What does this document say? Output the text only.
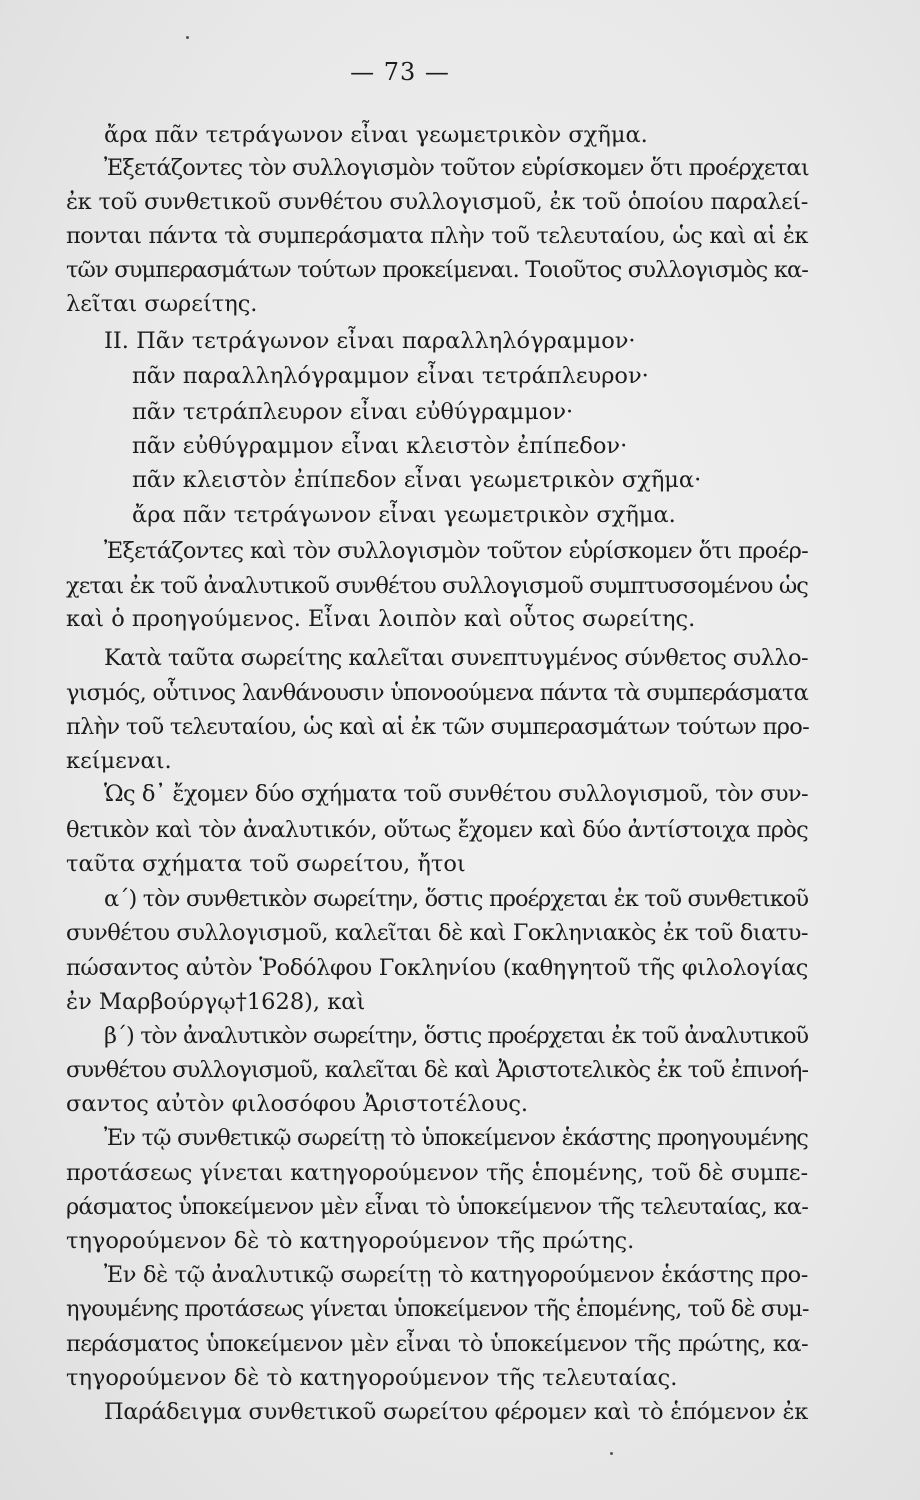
— 73 —
ἄρα πᾶν τετράγωνον εἶναι γεωμετρικὸν σχῆμα.
Ἐξετάζοντες τὸν συλλογισμὸν τοῦτον εὑρίσκομεν ὅτι προέρχεται
ἐκ τοῦ συνθετικοῦ συνθέτου συλλογισμοῦ, ἐκ τοῦ ὁποίου παραλεί-
πονται πάντα τὰ συμπεράσματα πλὴν τοῦ τελευταίου, ὡς καὶ αἱ ἐκ
τῶν συμπερασμάτων τούτων προκείμεναι. Τοιοῦτος συλλογισμὸς κα-
λεῖται σωρείτης.
ΙΙ. Πᾶν τετράγωνον εἶναι παραλληλόγραμμον·
πᾶν παραλληλόγραμμον εἶναι τετράπλευρον·
πᾶν τετράπλευρον εἶναι εὐθύγραμμον·
πᾶν εὐθύγραμμον εἶναι κλειστὸν ἐπίπεδον·
πᾶν κλειστὸν ἐπίπεδον εἶναι γεωμετρικὸν σχῆμα·
ἄρα πᾶν τετράγωνον εἶναι γεωμετρικὸν σχῆμα.
Ἐξετάζοντες καὶ τὸν συλλογισμὸν τοῦτον εὑρίσκομεν ὅτι προέρ-
χεται ἐκ τοῦ ἀναλυτικοῦ συνθέτου συλλογισμοῦ συμπτυσσομένου ὡς
καὶ ὁ προηγούμενος. Εἶναι λοιπὸν καὶ οὗτος σωρείτης.
Κατὰ ταῦτα σωρείτης καλεῖται συνεπτυγμένος σύνθετος συλλο-
γισμός, οὗτινος λανθάνουσιν ὑπονοούμενα πάντα τὰ συμπεράσματα
πλὴν τοῦ τελευταίου, ὡς καὶ αἱ ἐκ τῶν συμπερασμάτων τούτων προ-
κείμεναι.
Ὡς δ᾽ ἔχομεν δύο σχήματα τοῦ συνθέτου συλλογισμοῦ, τὸν συν-
θετικὸν καὶ τὸν ἀναλυτικόν, οὕτως ἔχομεν καὶ δύο ἀντίστοιχα πρὸς
ταῦτα σχήματα τοῦ σωρείτου, ἤτοι
α΄) τὸν συνθετικὸν σωρείτην, ὅστις προέρχεται ἐκ τοῦ συνθετικοῦ
συνθέτου συλλογισμοῦ, καλεῖται δὲ καὶ Γοκληνιακὸς ἐκ τοῦ διατυ-
πώσαντος αὐτὸν Ῥοδόλφου Γοκληνίου (καθηγητοῦ τῆς φιλολογίας
ἐν Μαρβούργῳ†1628), καὶ
β΄) τὸν ἀναλυτικὸν σωρείτην, ὅστις προέρχεται ἐκ τοῦ ἀναλυτικοῦ
συνθέτου συλλογισμοῦ, καλεῖται δὲ καὶ Ἀριστοτελικὸς ἐκ τοῦ ἐπινοή-
σαντος αὐτὸν φιλοσόφου Ἀριστοτέλους.
Ἐν τῷ συνθετικῷ σωρείτῃ τὸ ὑποκείμενον ἑκάστης προηγουμένης
προτάσεως γίνεται κατηγορούμενον τῆς ἑπομένης, τοῦ δὲ συμπε-
ράσματος ὑποκείμενον μὲν εἶναι τὸ ὑποκείμενον τῆς τελευταίας, κα-
τηγορούμενον δὲ τὸ κατηγορούμενον τῆς πρώτης.
Ἐν δὲ τῷ ἀναλυτικῷ σωρείτῃ τὸ κατηγορούμενον ἑκάστης προ-
ηγουμένης προτάσεως γίνεται ὑποκείμενον τῆς ἑπομένης, τοῦ δὲ συμ-
περάσματος ὑποκείμενον μὲν εἶναι τὸ ὑποκείμενον τῆς πρώτης, κα-
τηγορούμενον δὲ τὸ κατηγορούμενον τῆς τελευταίας.
Παράδειγμα συνθετικοῦ σωρείτου φέρομεν καὶ τὸ ἑπόμενον ἐκ
